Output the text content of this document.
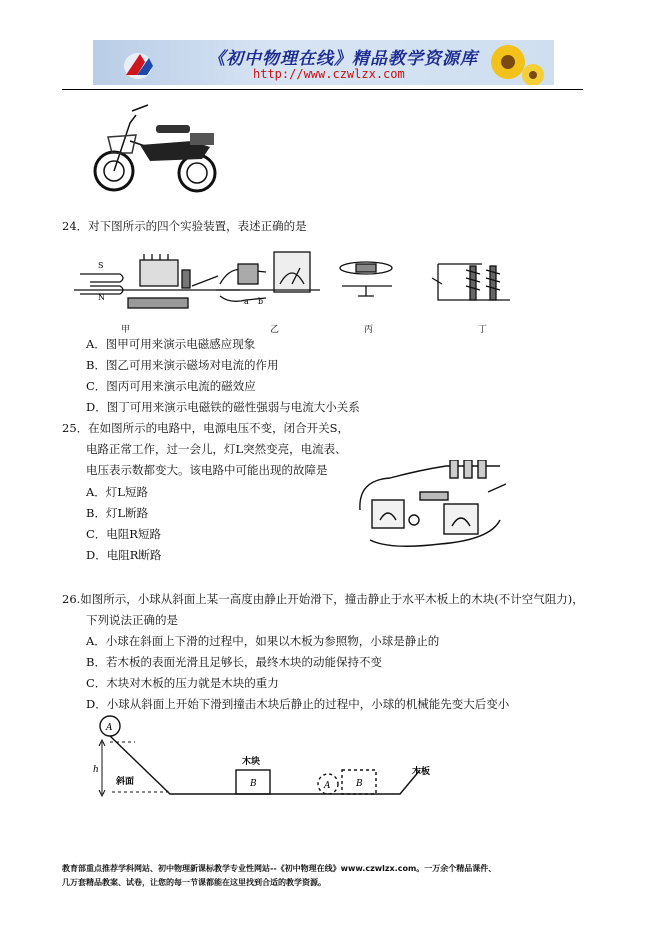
《初中物理在线》精品教学资源库
http://www.czwlzx.com
24．对下图所示的四个实验装置，表述正确的是
S
N	a b
甲	乙	丙	丁
A．图甲可用来演示电磁感应现象
B．图乙可用来演示磁场对电流的作用
C．图丙可用来演示电流的磁效应
D．图丁可用来演示电磁铁的磁性强弱与电流大小关系
25．在如图所示的电路中，电源电压不变，闭合开关S，
电路正常工作，过一会儿，灯L突然变亮，电流表、
电压表示数都变大。该电路中可能出现的故障是
A．灯L短路
B．灯L断路
C．电阻R短路
D．电阻R断路
26.如图所示，小球从斜面上某一高度由静止开始滑下，撞击静止于水平木板上的木块(不计空气阻力)，
下列说法正确的是
A．小球在斜面上下滑的过程中，如果以木板为参照物，小球是静止的
B．若木板的表面光滑且足够长，最终木块的动能保持不变
C．木块对木板的压力就是木块的重力
D．小球从斜面上开始下滑到撞击木块后静止的过程中，小球的机械能先变大后变小
A
h
斜面
木块
B	A	B
木板
教育部重点推荐学科网站、初中物理新课标教学专业性网站--《初中物理在线》www.czwlzx.com。一万余个精品课件、
几万套精品教案、试卷，让您的每一节课都能在这里找到合适的教学资源。
